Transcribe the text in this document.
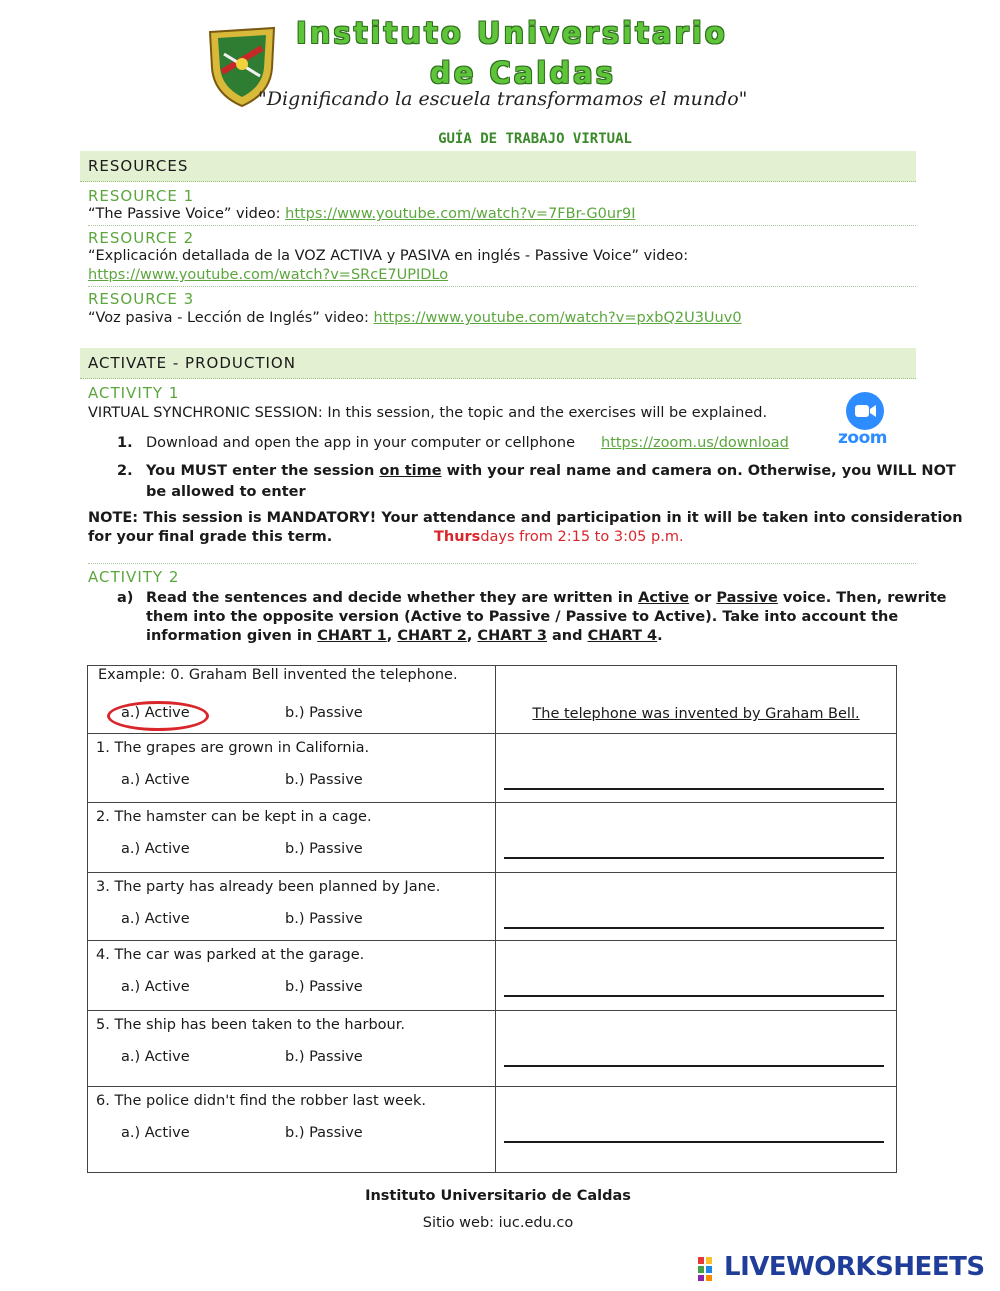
Instituto Universitario
de Caldas
"Dignificando la escuela transformamos el mundo"
GUÍA DE TRABAJO VIRTUAL
RESOURCES
RESOURCE 1
“The Passive Voice” video: https://www.youtube.com/watch?v=7FBr-G0ur9I
RESOURCE 2
“Explicación detallada de la VOZ ACTIVA y PASIVA en inglés - Passive Voice” video:
https://www.youtube.com/watch?v=SRcE7UPIDLo
RESOURCE 3
“Voz pasiva - Lección de Inglés” video: https://www.youtube.com/watch?v=pxbQ2U3Uuv0
ACTIVATE - PRODUCTION
ACTIVITY 1
VIRTUAL SYNCHRONIC SESSION: In this session, the topic and the exercises will be explained.
zoom
1. Download and open the app in your computer or cellphone https://zoom.us/download
2. You MUST enter the session on time with your real name and camera on. Otherwise, you WILL NOT
be allowed to enter
NOTE: This session is MANDATORY! Your attendance and participation in it will be taken into consideration
for your final grade this term.	Thursdays from 2:15 to 3:05 p.m.
ACTIVITY 2
a) Read the sentences and decide whether they are written in Active or Passive voice. Then, rewrite
them into the opposite version (Active to Passive / Passive to Active). Take into account the
information given in CHART 1, CHART 2, CHART 3 and CHART 4.
Example: 0. Graham Bell invented the telephone.
a.) Active b.) Passive	The telephone was invented by Graham Bell.

1. The grapes are grown in California.
a.) Active b.) Passive	

2. The hamster can be kept in a cage.
a.) Active b.) Passive	

3. The party has already been planned by Jane.
a.) Active b.) Passive	

4. The car was parked at the garage.
a.) Active b.) Passive	

5. The ship has been taken to the harbour.
a.) Active b.) Passive	

6. The police didn't find the robber last week.
a.) Active b.) Passive	

Instituto Universitario de Caldas
Sitio web: iuc.edu.co
LIVEWORKSHEETS
